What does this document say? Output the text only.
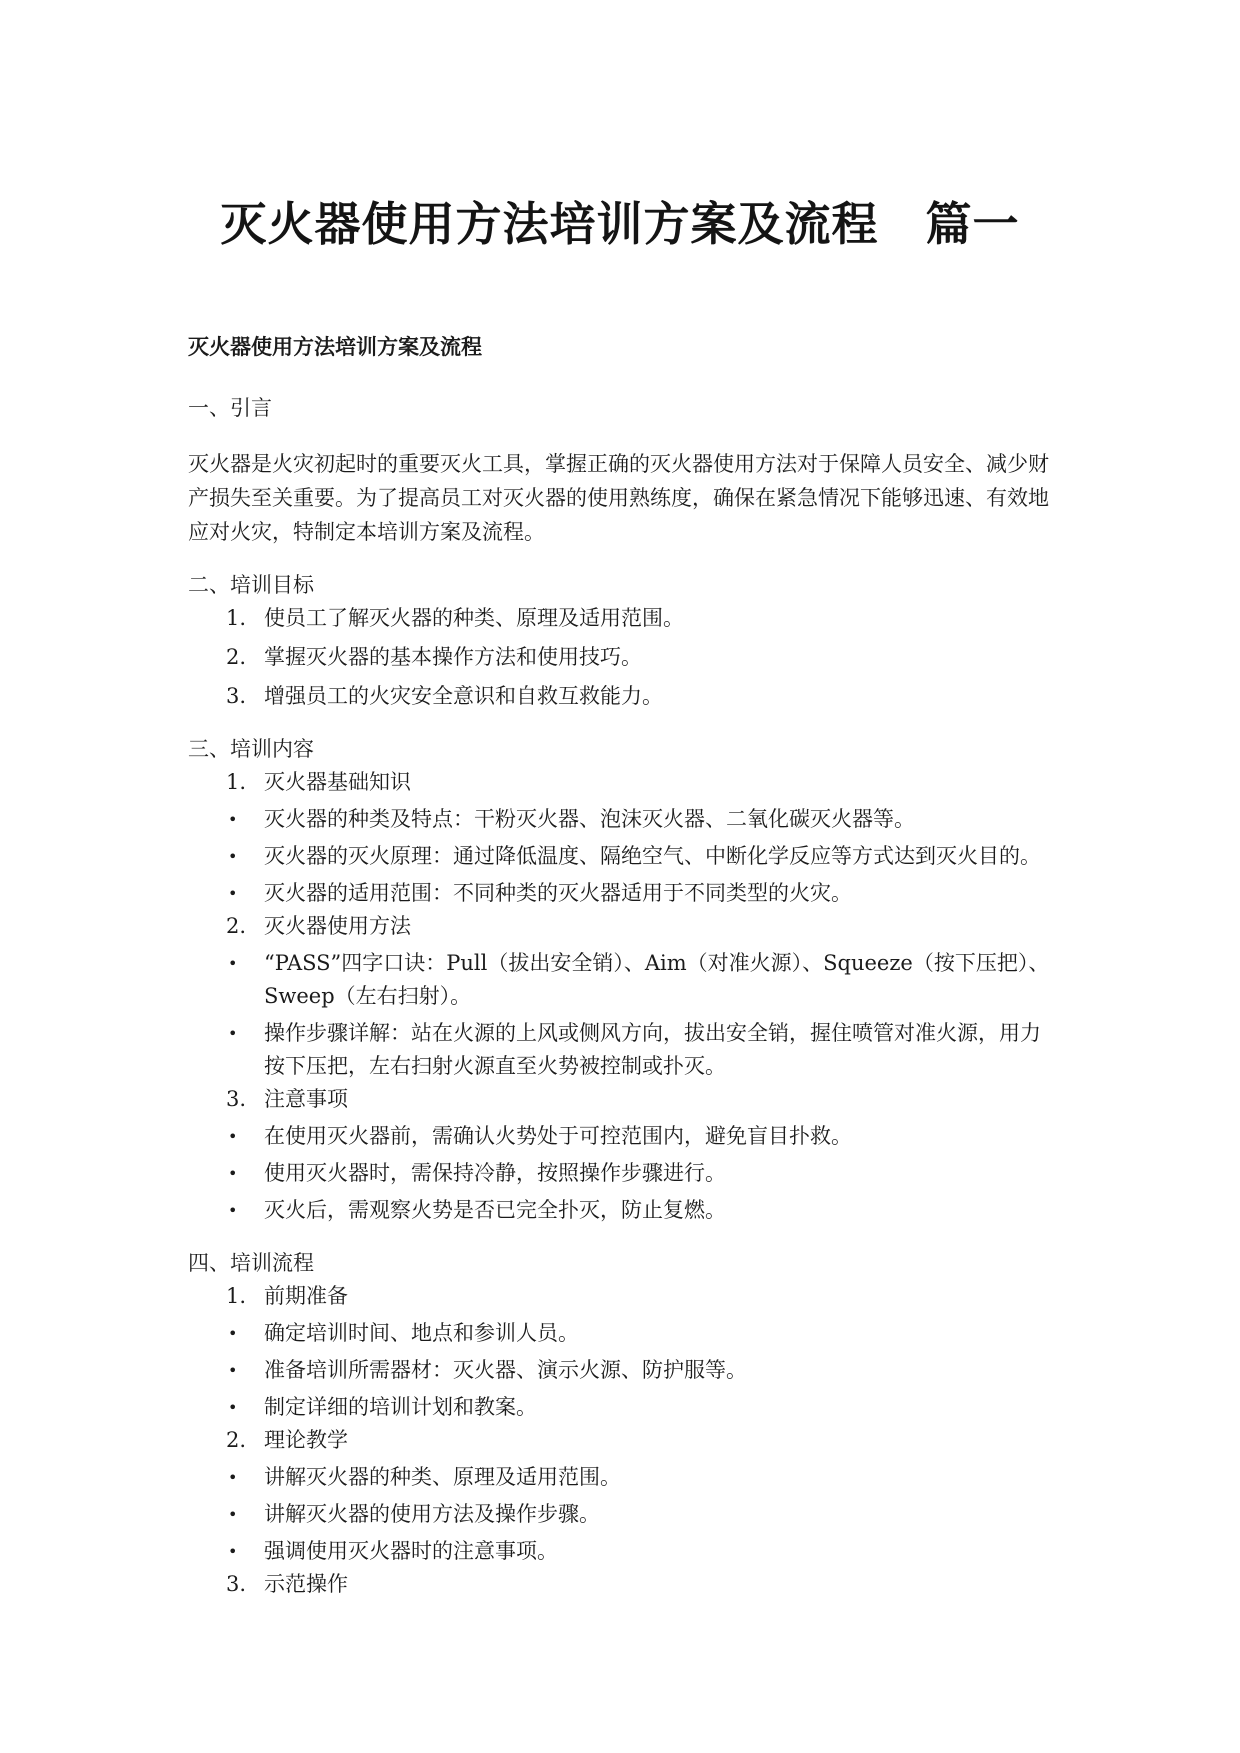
灭火器使用方法培训方案及流程　篇一
灭火器使用方法培训方案及流程
一、引言
灭火器是火灾初起时的重要灭火工具，掌握正确的灭火器使用方法对于保障人员安全、减少财产损失至关重要。为了提高员工对灭火器的使用熟练度，确保在紧急情况下能够迅速、有效地应对火灾，特制定本培训方案及流程。
二、培训目标
1. 使员工了解灭火器的种类、原理及适用范围。
2. 掌握灭火器的基本操作方法和使用技巧。
3. 增强员工的火灾安全意识和自救互救能力。
三、培训内容
1. 灭火器基础知识
• 灭火器的种类及特点：干粉灭火器、泡沫灭火器、二氧化碳灭火器等。
• 灭火器的灭火原理：通过降低温度、隔绝空气、中断化学反应等方式达到灭火目的。
• 灭火器的适用范围：不同种类的灭火器适用于不同类型的火灾。
2. 灭火器使用方法
• “PASS”四字口诀：Pull（拔出安全销）、Aim（对准火源）、Squeeze（按下压把）、Sweep（左右扫射）。
• 操作步骤详解：站在火源的上风或侧风方向，拔出安全销，握住喷管对准火源，用力按下压把，左右扫射火源直至火势被控制或扑灭。
3. 注意事项
• 在使用灭火器前，需确认火势处于可控范围内，避免盲目扑救。
• 使用灭火器时，需保持冷静，按照操作步骤进行。
• 灭火后，需观察火势是否已完全扑灭，防止复燃。
四、培训流程
1. 前期准备
• 确定培训时间、地点和参训人员。
• 准备培训所需器材：灭火器、演示火源、防护服等。
• 制定详细的培训计划和教案。
2. 理论教学
• 讲解灭火器的种类、原理及适用范围。
• 讲解灭火器的使用方法及操作步骤。
• 强调使用灭火器时的注意事项。
3. 示范操作
